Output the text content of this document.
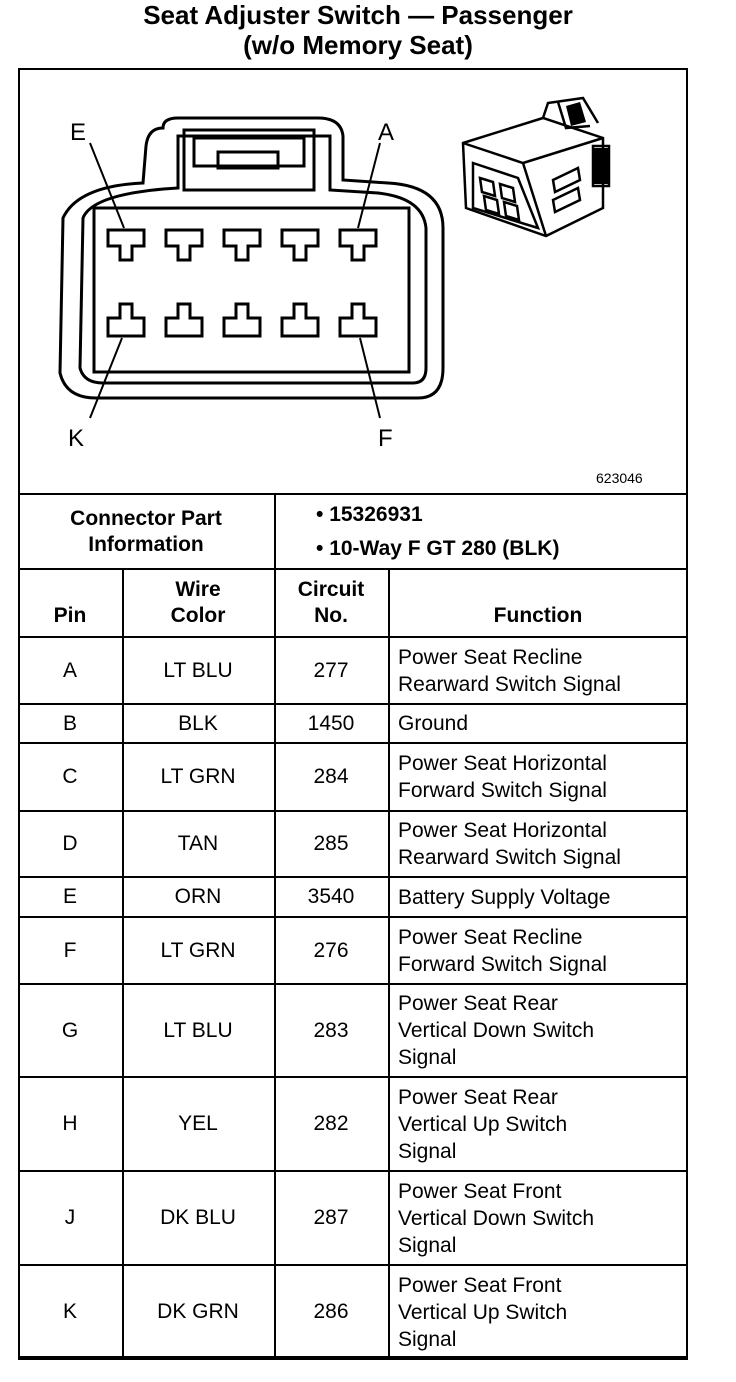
Seat Adjuster Switch — Passenger
(w/o Memory Seat)
E	A
K	F
623046
Connector Part Information
• 15326931
• 10-Way F GT 280 (BLK)
Pin
Wire
Color
Circuit
No.	Function
A	LT BLU	277
Power Seat Recline
Rearward Switch Signal
B	BLK	1450	Ground
C	LT GRN	284
Power Seat Horizontal
Forward Switch Signal
D	TAN	285
Power Seat Horizontal
Rearward Switch Signal
E	ORN	3540	Battery Supply Voltage
F	LT GRN	276
Power Seat Recline
Forward Switch Signal
G	LT BLU	283
Power Seat Rear
Vertical Down Switch
Signal
H	YEL	282
Power Seat Rear
Vertical Up Switch
Signal
J	DK BLU	287
Power Seat Front
Vertical Down Switch
Signal
K	DK GRN	286
Power Seat Front
Vertical Up Switch
Signal
